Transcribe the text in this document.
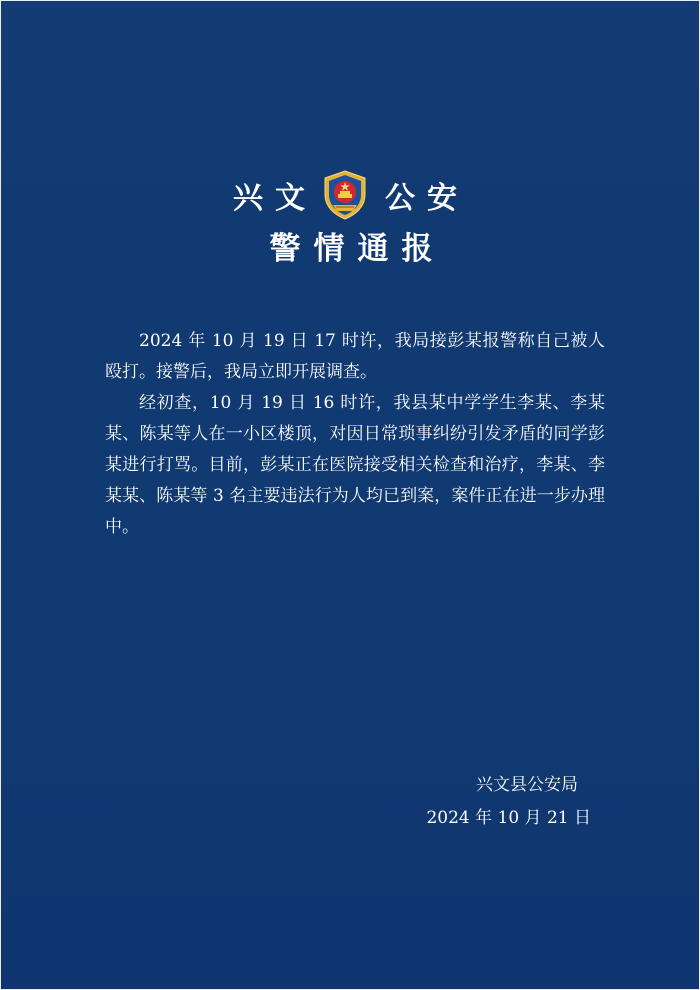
兴文 公安
警情通报

2024 年 10 月 19 日 17 时许，我局接彭某报警称自己被人殴打。接警后，我局立即开展调查。

经初查，10 月 19 日 16 时许，我县某中学学生李某、李某某、陈某等人在一小区楼顶，对因日常琐事纠纷引发矛盾的同学彭某进行打骂。目前，彭某正在医院接受相关检查和治疗，李某、李某某、陈某等 3 名主要违法行为人均已到案，案件正在进一步办理中。

兴文县公安局
2024 年 10 月 21 日
